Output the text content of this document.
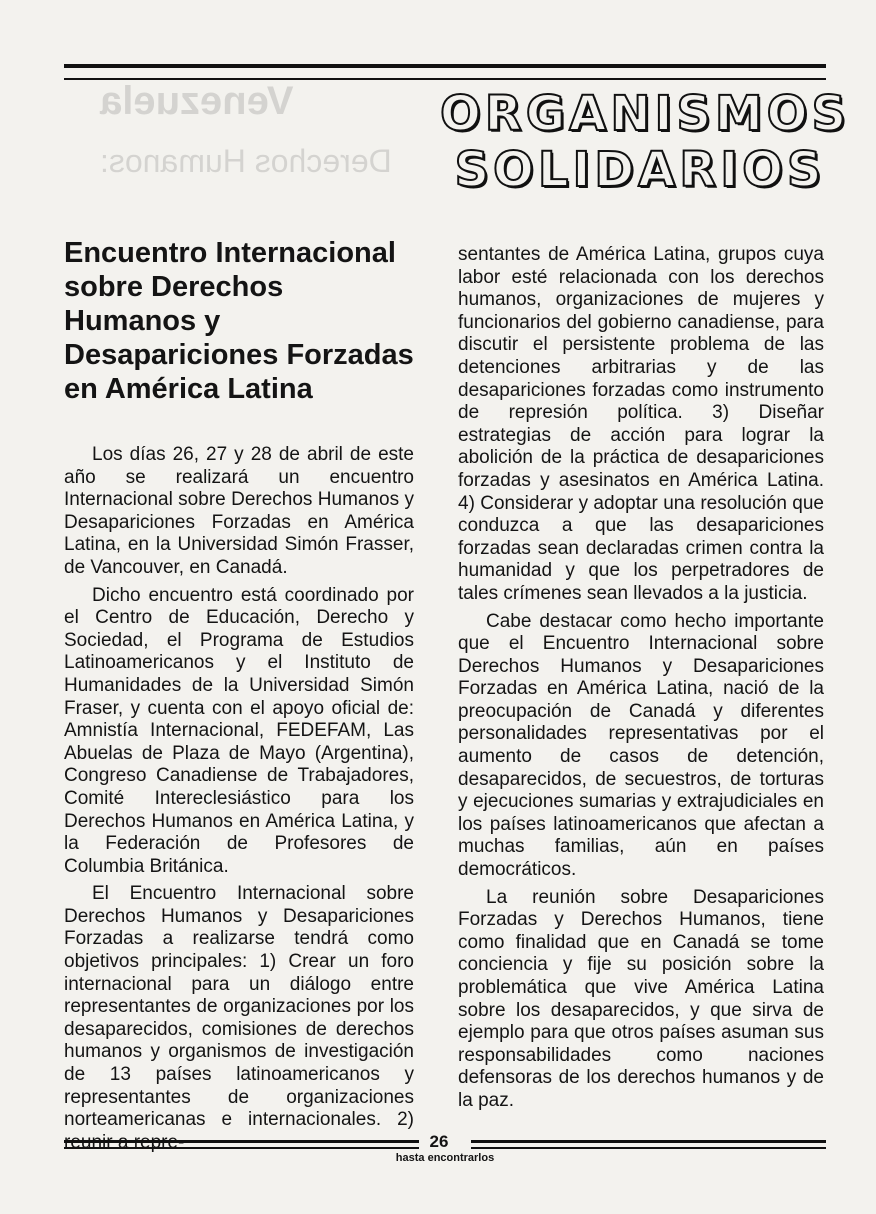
Venezuela
Derechos Humanos:
ORGANISMOS
SOLIDARIOS
Encuentro Internacional sobre Derechos Humanos y Desapariciones Forzadas en América Latina

Los días 26, 27 y 28 de abril de este año se realizará un encuentro Internacional sobre Derechos Humanos y Desapariciones Forzadas en América Latina, en la Universidad Simón Frasser, de Vancouver, en Canadá.

Dicho encuentro está coordinado por el Centro de Educación, Derecho y Sociedad, el Programa de Estudios Latinoamericanos y el Instituto de Humanidades de la Universidad Simón Fraser, y cuenta con el apoyo oficial de: Amnistía Internacional, FEDEFAM, Las Abuelas de Plaza de Mayo (Argentina), Congreso Canadiense de Trabajadores, Comité Intereclesiástico para los Derechos Humanos en América Latina, y la Federación de Profesores de Columbia Británica.

El Encuentro Internacional sobre Derechos Humanos y Desapariciones Forzadas a realizarse tendrá como objetivos principales: 1) Crear un foro internacional para un diálogo entre representantes de organizaciones por los desaparecidos, comisiones de derechos humanos y organismos de investigación de 13 países latinoamericanos y representantes de organizaciones norteamericanas e internacionales. 2) reunir a repre-

sentantes de América Latina, grupos cuya labor esté relacionada con los derechos humanos, organizaciones de mujeres y funcionarios del gobierno canadiense, para discutir el persistente problema de las detenciones arbitrarias y de las desapariciones forzadas como instrumento de represión política. 3) Diseñar estrategias de acción para lograr la abolición de la práctica de desapariciones forzadas y asesinatos en América Latina. 4) Considerar y adoptar una resolución que conduzca a que las desapariciones forzadas sean declaradas crimen contra la humanidad y que los perpetradores de tales crímenes sean llevados a la justicia.

Cabe destacar como hecho importante que el Encuentro Internacional sobre Derechos Humanos y Desapariciones Forzadas en América Latina, nació de la preocupación de Canadá y diferentes personalidades representativas por el aumento de casos de detención, desaparecidos, de secuestros, de torturas y ejecuciones sumarias y extrajudiciales en los países latinoamericanos que afectan a muchas familias, aún en países democráticos.

La reunión sobre Desapariciones Forzadas y Derechos Humanos, tiene como finalidad que en Canadá se tome conciencia y fije su posición sobre la problemática que vive América Latina sobre los desaparecidos, y que sirva de ejemplo para que otros países asuman sus responsabilidades como naciones defensoras de los derechos humanos y de la paz.

26
hasta encontrarlos
